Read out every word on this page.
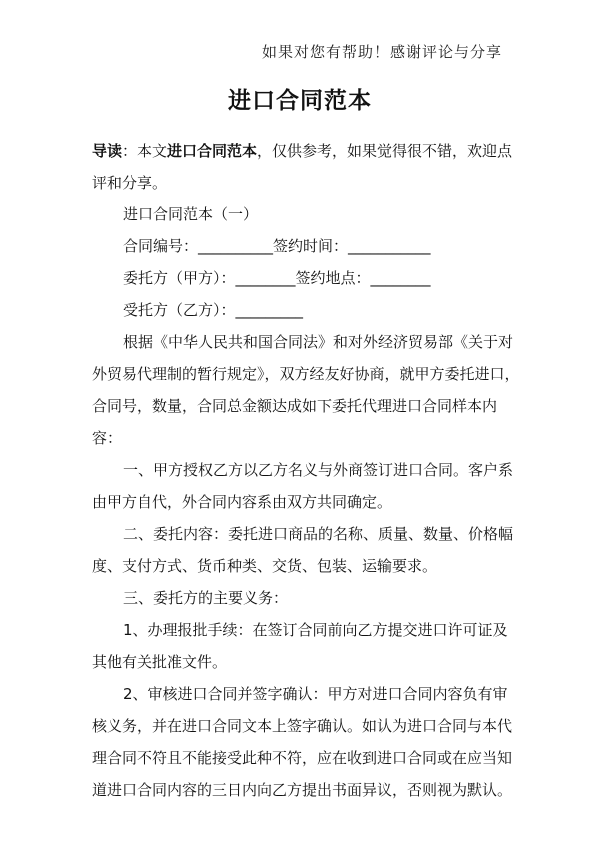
如果对您有帮助！感谢评论与分享
进口合同范本
导读：本文进口合同范本，仅供参考，如果觉得很不错，欢迎点评和分享。

进口合同范本（一）

合同编号：__________签约时间：___________

委托方（甲方）：________签约地点：________

受托方（乙方）：_________

根据《中华人民共和国合同法》和对外经济贸易部《关于对外贸易代理制的暂行规定》，双方经友好协商，就甲方委托进口，合同号，数量，合同总金额达成如下委托代理进口合同样本内容：

一、甲方授权乙方以乙方名义与外商签订进口合同。客户系由甲方自代，外合同内容系由双方共同确定。

二、委托内容：委托进口商品的名称、质量、数量、价格幅度、支付方式、货币种类、交货、包装、运输要求。

三、委托方的主要义务：

1、办理报批手续：在签订合同前向乙方提交进口许可证及其他有关批准文件。

2、审核进口合同并签字确认：甲方对进口合同内容负有审核义务，并在进口合同文本上签字确认。如认为进口合同与本代理合同不符且不能接受此种不符，应在收到进口合同或在应当知道进口合同内容的三日内向乙方提出书面异议，否则视为默认。
